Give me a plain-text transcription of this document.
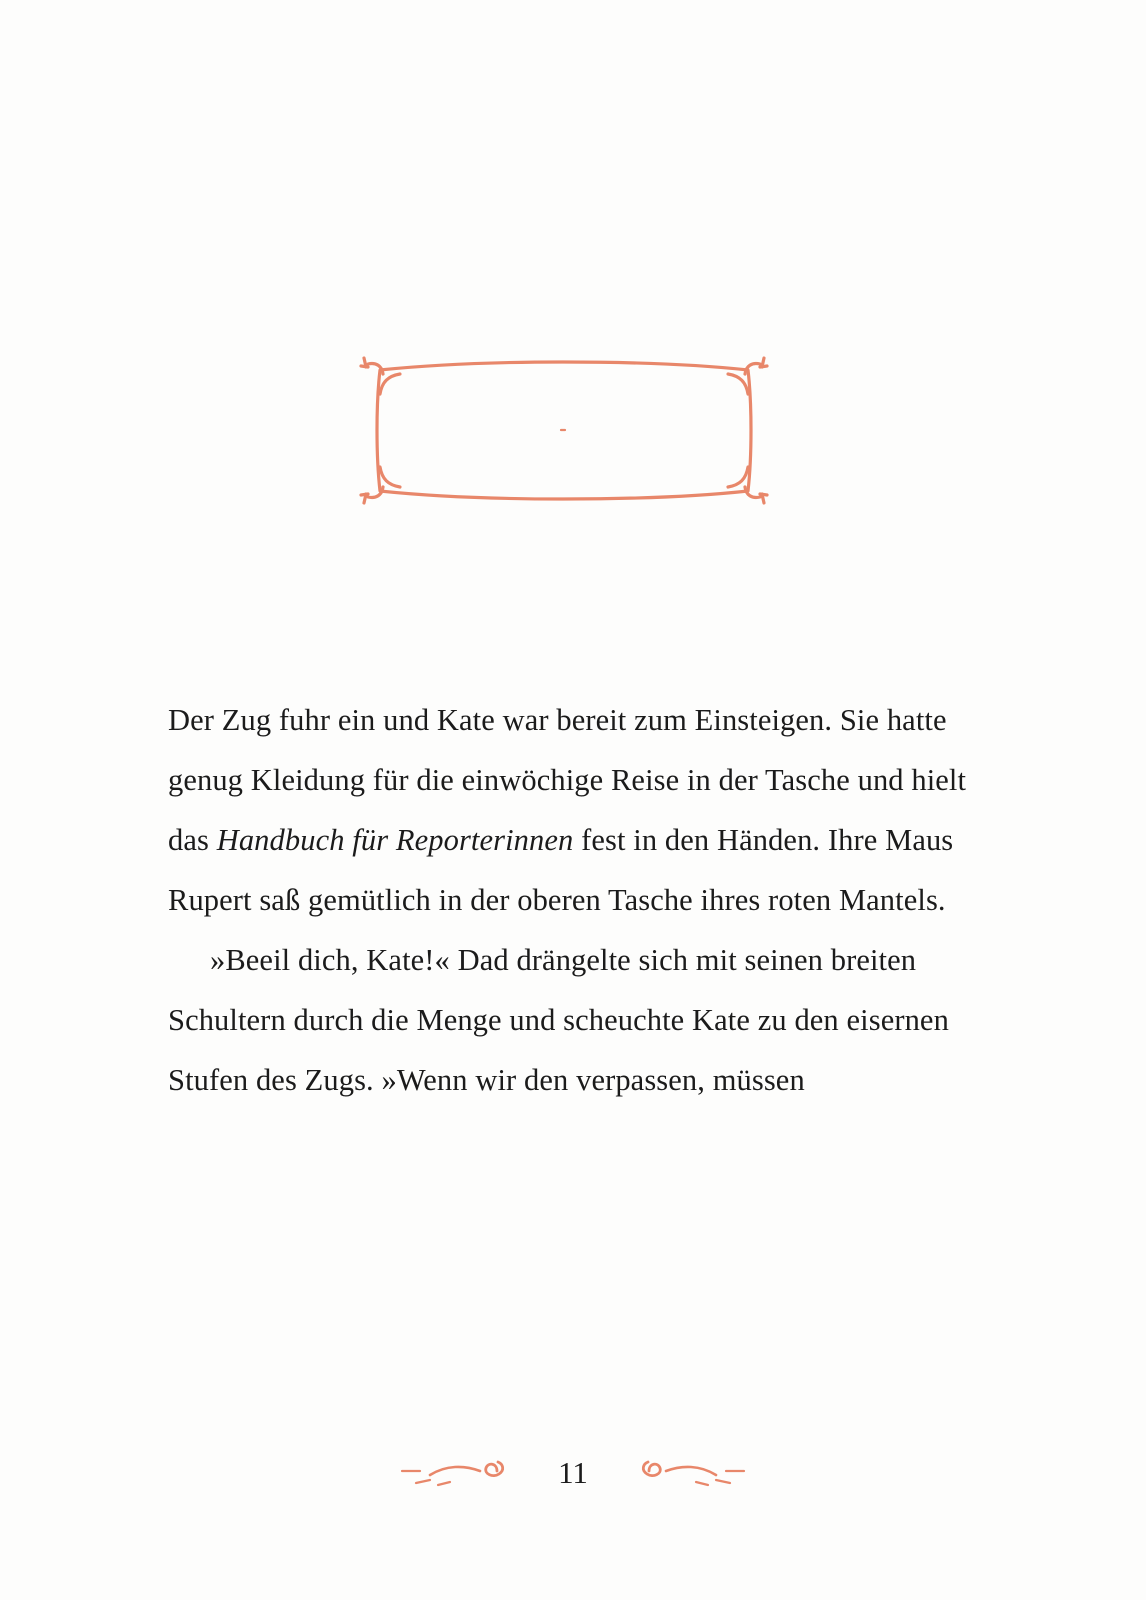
Der Zug fuhr ein und Kate war bereit zum Einsteigen. Sie hatte genug Kleidung für die einwöchige Reise in der Tasche und hielt das Handbuch für Reporterinnen fest in den Händen. Ihre Maus Rupert saß gemütlich in der oberen Tasche ihres roten Mantels.

»Beeil dich, Kate!« Dad drängelte sich mit seinen breiten Schultern durch die Menge und scheuchte Kate zu den eisernen Stufen des Zugs. »Wenn wir den verpassen, müssen

11
